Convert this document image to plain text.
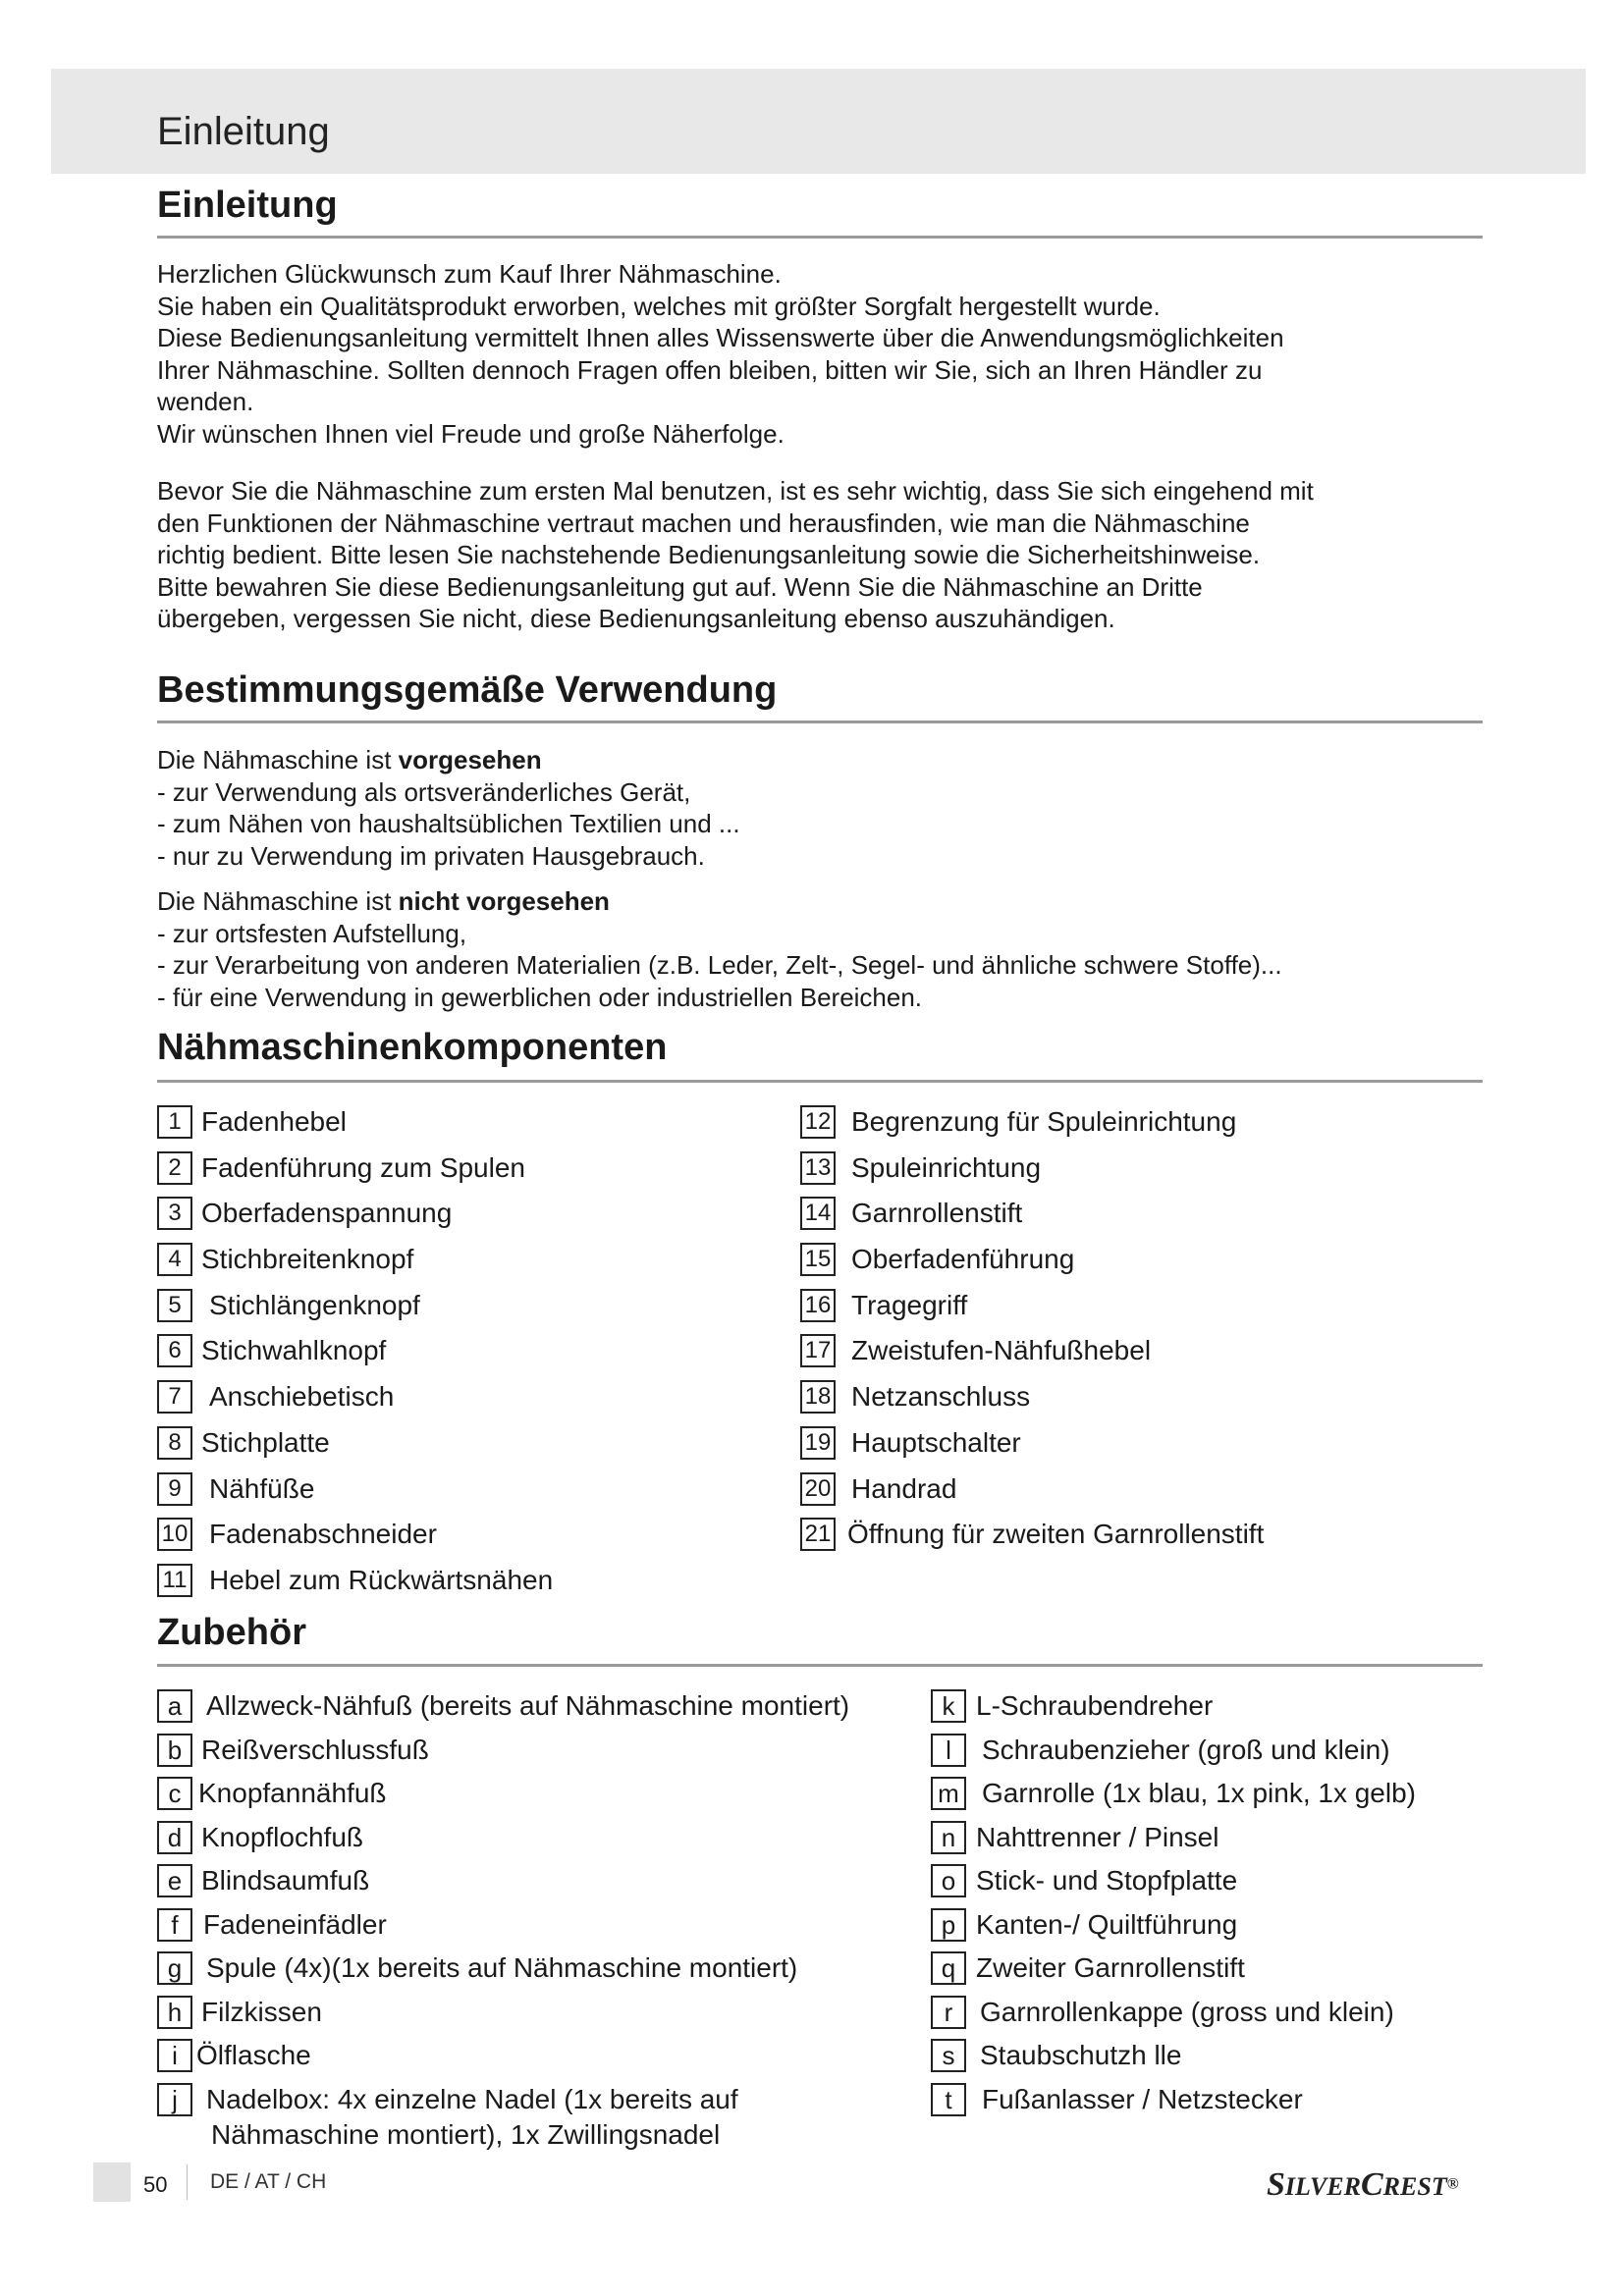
Einleitung
Einleitung
Herzlichen Glückwunsch zum Kauf Ihrer Nähmaschine.
Sie haben ein Qualitätsprodukt erworben, welches mit größter Sorgfalt hergestellt wurde.
Diese Bedienungsanleitung vermittelt Ihnen alles Wissenswerte über die Anwendungsmöglichkeiten
Ihrer Nähmaschine. Sollten dennoch Fragen offen bleiben, bitten wir Sie, sich an Ihren Händler zu
wenden.
Wir wünschen Ihnen viel Freude und große Näherfolge.
Bevor Sie die Nähmaschine zum ersten Mal benutzen, ist es sehr wichtig, dass Sie sich eingehend mit
den Funktionen der Nähmaschine vertraut machen und herausfinden, wie man die Nähmaschine
richtig bedient. Bitte lesen Sie nachstehende Bedienungsanleitung sowie die Sicherheitshinweise.
Bitte bewahren Sie diese Bedienungsanleitung gut auf. Wenn Sie die Nähmaschine an Dritte
übergeben, vergessen Sie nicht, diese Bedienungsanleitung ebenso auszuhändigen.
Bestimmungsgemäße Verwendung
Die Nähmaschine ist vorgesehen
- zur Verwendung als ortsveränderliches Gerät,
- zum Nähen von haushaltsüblichen Textilien und ...
- nur zu Verwendung im privaten Hausgebrauch.
Die Nähmaschine ist nicht vorgesehen
- zur ortsfesten Aufstellung,
- zur Verarbeitung von anderen Materialien (z.B. Leder, Zelt-, Segel- und ähnliche schwere Stoffe)...
- für eine Verwendung in gewerblichen oder industriellen Bereichen.
Nähmaschinenkomponenten
1 Fadenhebel
2 Fadenführung zum Spulen
3 Oberfadenspannung
4 Stichbreitenknopf
5	Stichlängenknopf
6 Stichwahlknopf
7	Anschiebetisch
8 Stichplatte
9	Nähfüße
10 Fadenabschneider
11 Hebel zum Rückwärtsnähen
12 Begrenzung für Spuleinrichtung
13 Spuleinrichtung
14 Garnrollenstift
15 Oberfadenführung
16 Tragegriff
17 Zweistufen-Nähfußhebel
18 Netzanschluss
19 Hauptschalter
20 Handrad
21 Öffnung für zweiten Garnrollenstift
Zubehör
a Allzweck-Nähfuß (bereits auf Nähmaschine montiert)
b Reißverschlussfuß
c Knopfannähfuß
d Knopflochfuß
e Blindsaumfuß
f Fadeneinfädler
g Spule (4x)(1x bereits auf Nähmaschine montiert)
h Filzkissen
i Ölflasche
j	Nadelbox: 4x einzelne Nadel (1x bereits auf
Nähmaschine montiert), 1x Zwillingsnadel
k L-Schraubendreher
l	Schraubenzieher (groß und klein)
m Garnrolle (1x blau, 1x pink, 1x gelb)
n Nahttrenner / Pinsel
o Stick- und Stopfplatte
p Kanten-/ Quiltführung
q Zweiter Garnrollenstift
r Garnrollenkappe (gross und klein)
s Staubschutzh lle
t	Fußanlasser / Netzstecker
50 DE / AT / CH	SILVERCREST®
